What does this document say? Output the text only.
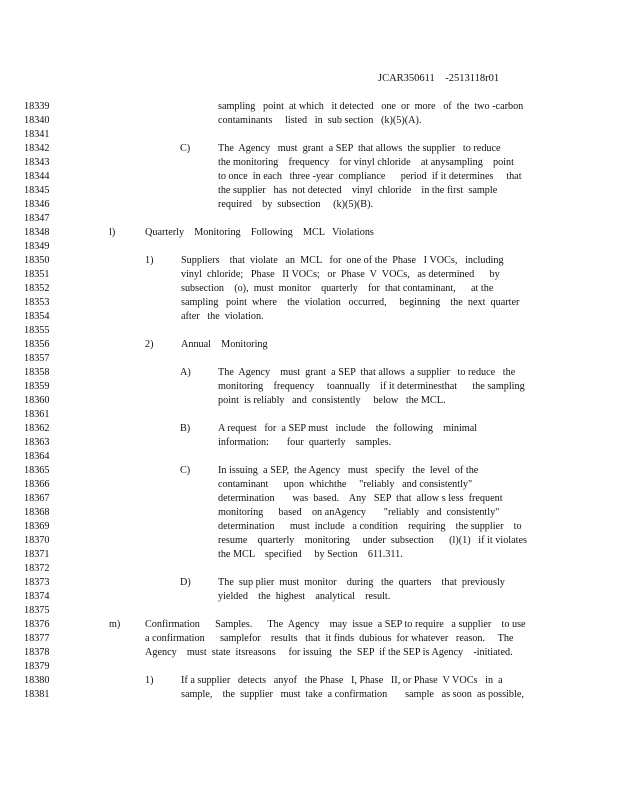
JCAR350611    -2513118r01
18339	sampling   point  at which   it detected   one  or  more   of  the  two -carbon
18340	contaminants     listed   in  sub section   (k)(5)(A).
18341
18342	C)	The  Agency   must  grant  a SEP  that allows  the supplier   to reduce
18343	the monitoring    frequency    for vinyl chloride    at anysampling    point
18344	to once  in each   three -year  compliance      period  if it determines     that
18345	the supplier   has  not detected    vinyl  chloride    in the first  sample
18346	required    by  subsection     (k)(5)(B).
18347
18348	l)	Quarterly    Monitoring    Following    MCL   Violations
18349
18350	1)	Suppliers    that  violate   an  MCL   for  one of the  Phase   I VOCs,   including
18351	vinyl  chloride;   Phase   II VOCs;   or  Phase  V  VOCs,   as determined      by
18352	subsection    (o),  must  monitor    quarterly    for  that contaminant,      at the
18353	sampling   point  where    the  violation   occurred,     beginning    the  next  quarter
18354	after   the  violation.
18355
18356	2)	Annual    Monitoring
18357
18358	A)	The  Agency    must  grant  a SEP  that allows  a supplier   to reduce   the
18359	monitoring    frequency     toannually    if it determinesthat      the sampling
18360	point  is reliably   and  consistently     below   the MCL.
18361
18362	B)	A request   for  a SEP must   include    the  following    minimal
18363	information:       four  quarterly    samples.
18364
18365	C)	In issuing  a SEP,  the Agency   must   specify   the  level  of the
18366	contaminant      upon  whichthe     "reliably   and consistently"
18367	determination       was  based.    Any   SEP  that  allow s less  frequent
18368	monitoring      based    on anAgency       "reliably   and  consistently"
18369	determination      must  include   a condition    requiring    the supplier    to
18370	resume    quarterly    monitoring     under  subsection      (l)(1)   if it violates
18371	the MCL    specified     by Section    611.311.
18372
18373	D)	The  sup plier  must  monitor    during   the  quarters    that  previously
18374	yielded    the  highest    analytical    result.
18375
18376	m) Confirmation      Samples.      The  Agency    may  issue  a SEP to require   a supplier    to use
18377	a confirmation      samplefor    results   that  it finds  dubious  for whatever   reason.     The
18378	Agency    must  state  itsreasons     for issuing   the  SEP  if the SEP is Agency    -initiated.
18379
18380	1)	If a supplier   detects   anyof   the Phase   I, Phase   II, or Phase  V VOCs   in  a
18381	sample,    the  supplier   must  take  a confirmation       sample   as soon  as possible,
